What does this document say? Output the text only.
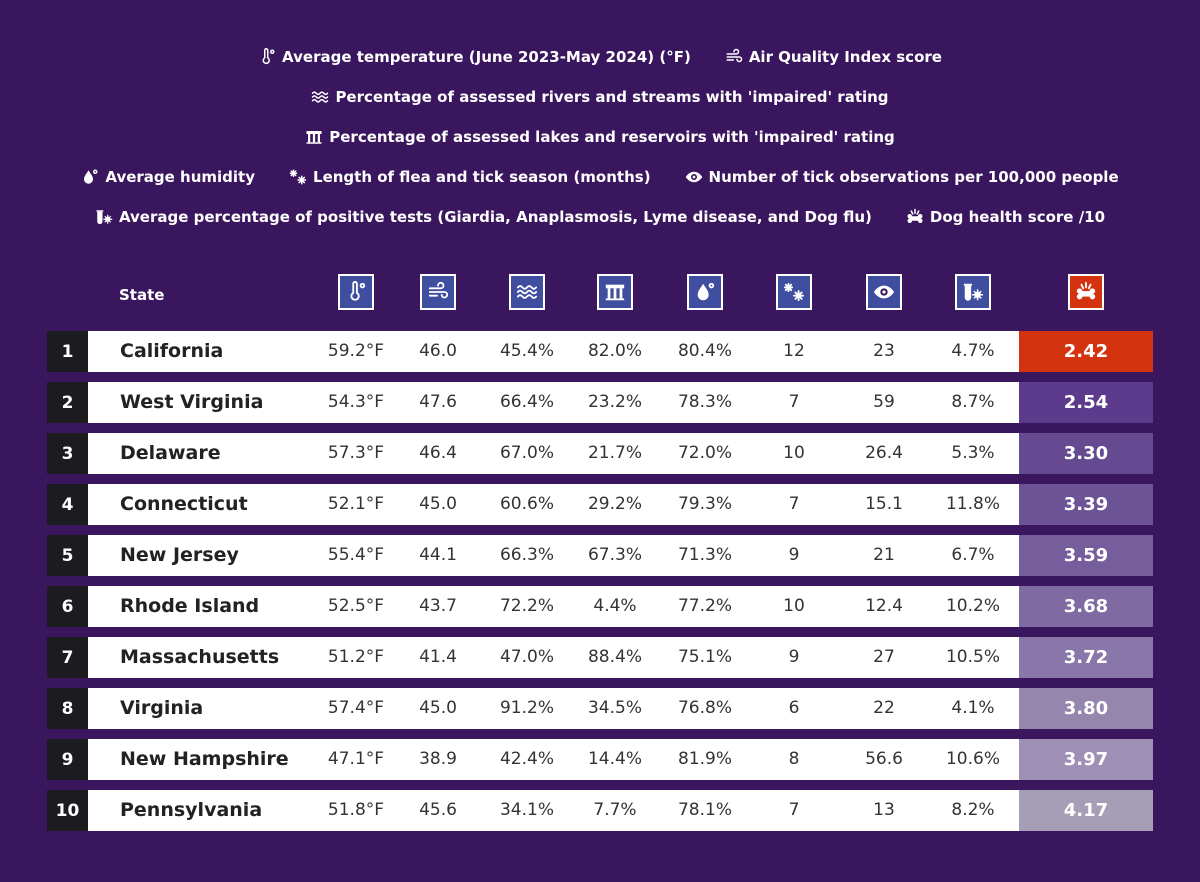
Average temperature (June 2023-May 2024) (°F)	Air Quality Index score
Percentage of assessed rivers and streams with 'impaired' rating
Percentage of assessed lakes and reservoirs with 'impaired' rating
Average humidity	Length of flea and tick season (months)	Number of tick observations per 100,000 people
Average percentage of positive tests (Giardia, Anaplasmosis, Lyme disease, and Dog flu)	Dog health score /10
State
1	California	59.2°F	46.0	45.4%	82.0%	80.4%	12	23	4.7%	2.42
2	West Virginia	54.3°F	47.6	66.4%	23.2%	78.3%	7	59	8.7%	2.54
3	Delaware	57.3°F	46.4	67.0%	21.7%	72.0%	10	26.4	5.3%	3.30
4	Connecticut	52.1°F	45.0	60.6%	29.2%	79.3%	7	15.1	11.8%	3.39
5	New Jersey	55.4°F	44.1	66.3%	67.3%	71.3%	9	21	6.7%	3.59
6	Rhode Island	52.5°F	43.7	72.2%	4.4%	77.2%	10	12.4	10.2%	3.68
7	Massachusetts	51.2°F	41.4	47.0%	88.4%	75.1%	9	27	10.5%	3.72
8	Virginia	57.4°F	45.0	91.2%	34.5%	76.8%	6	22	4.1%	3.80
9	New Hampshire	47.1°F	38.9	42.4%	14.4%	81.9%	8	56.6	10.6%	3.97
10	Pennsylvania	51.8°F	45.6	34.1%	7.7%	78.1%	7	13	8.2%	4.17
